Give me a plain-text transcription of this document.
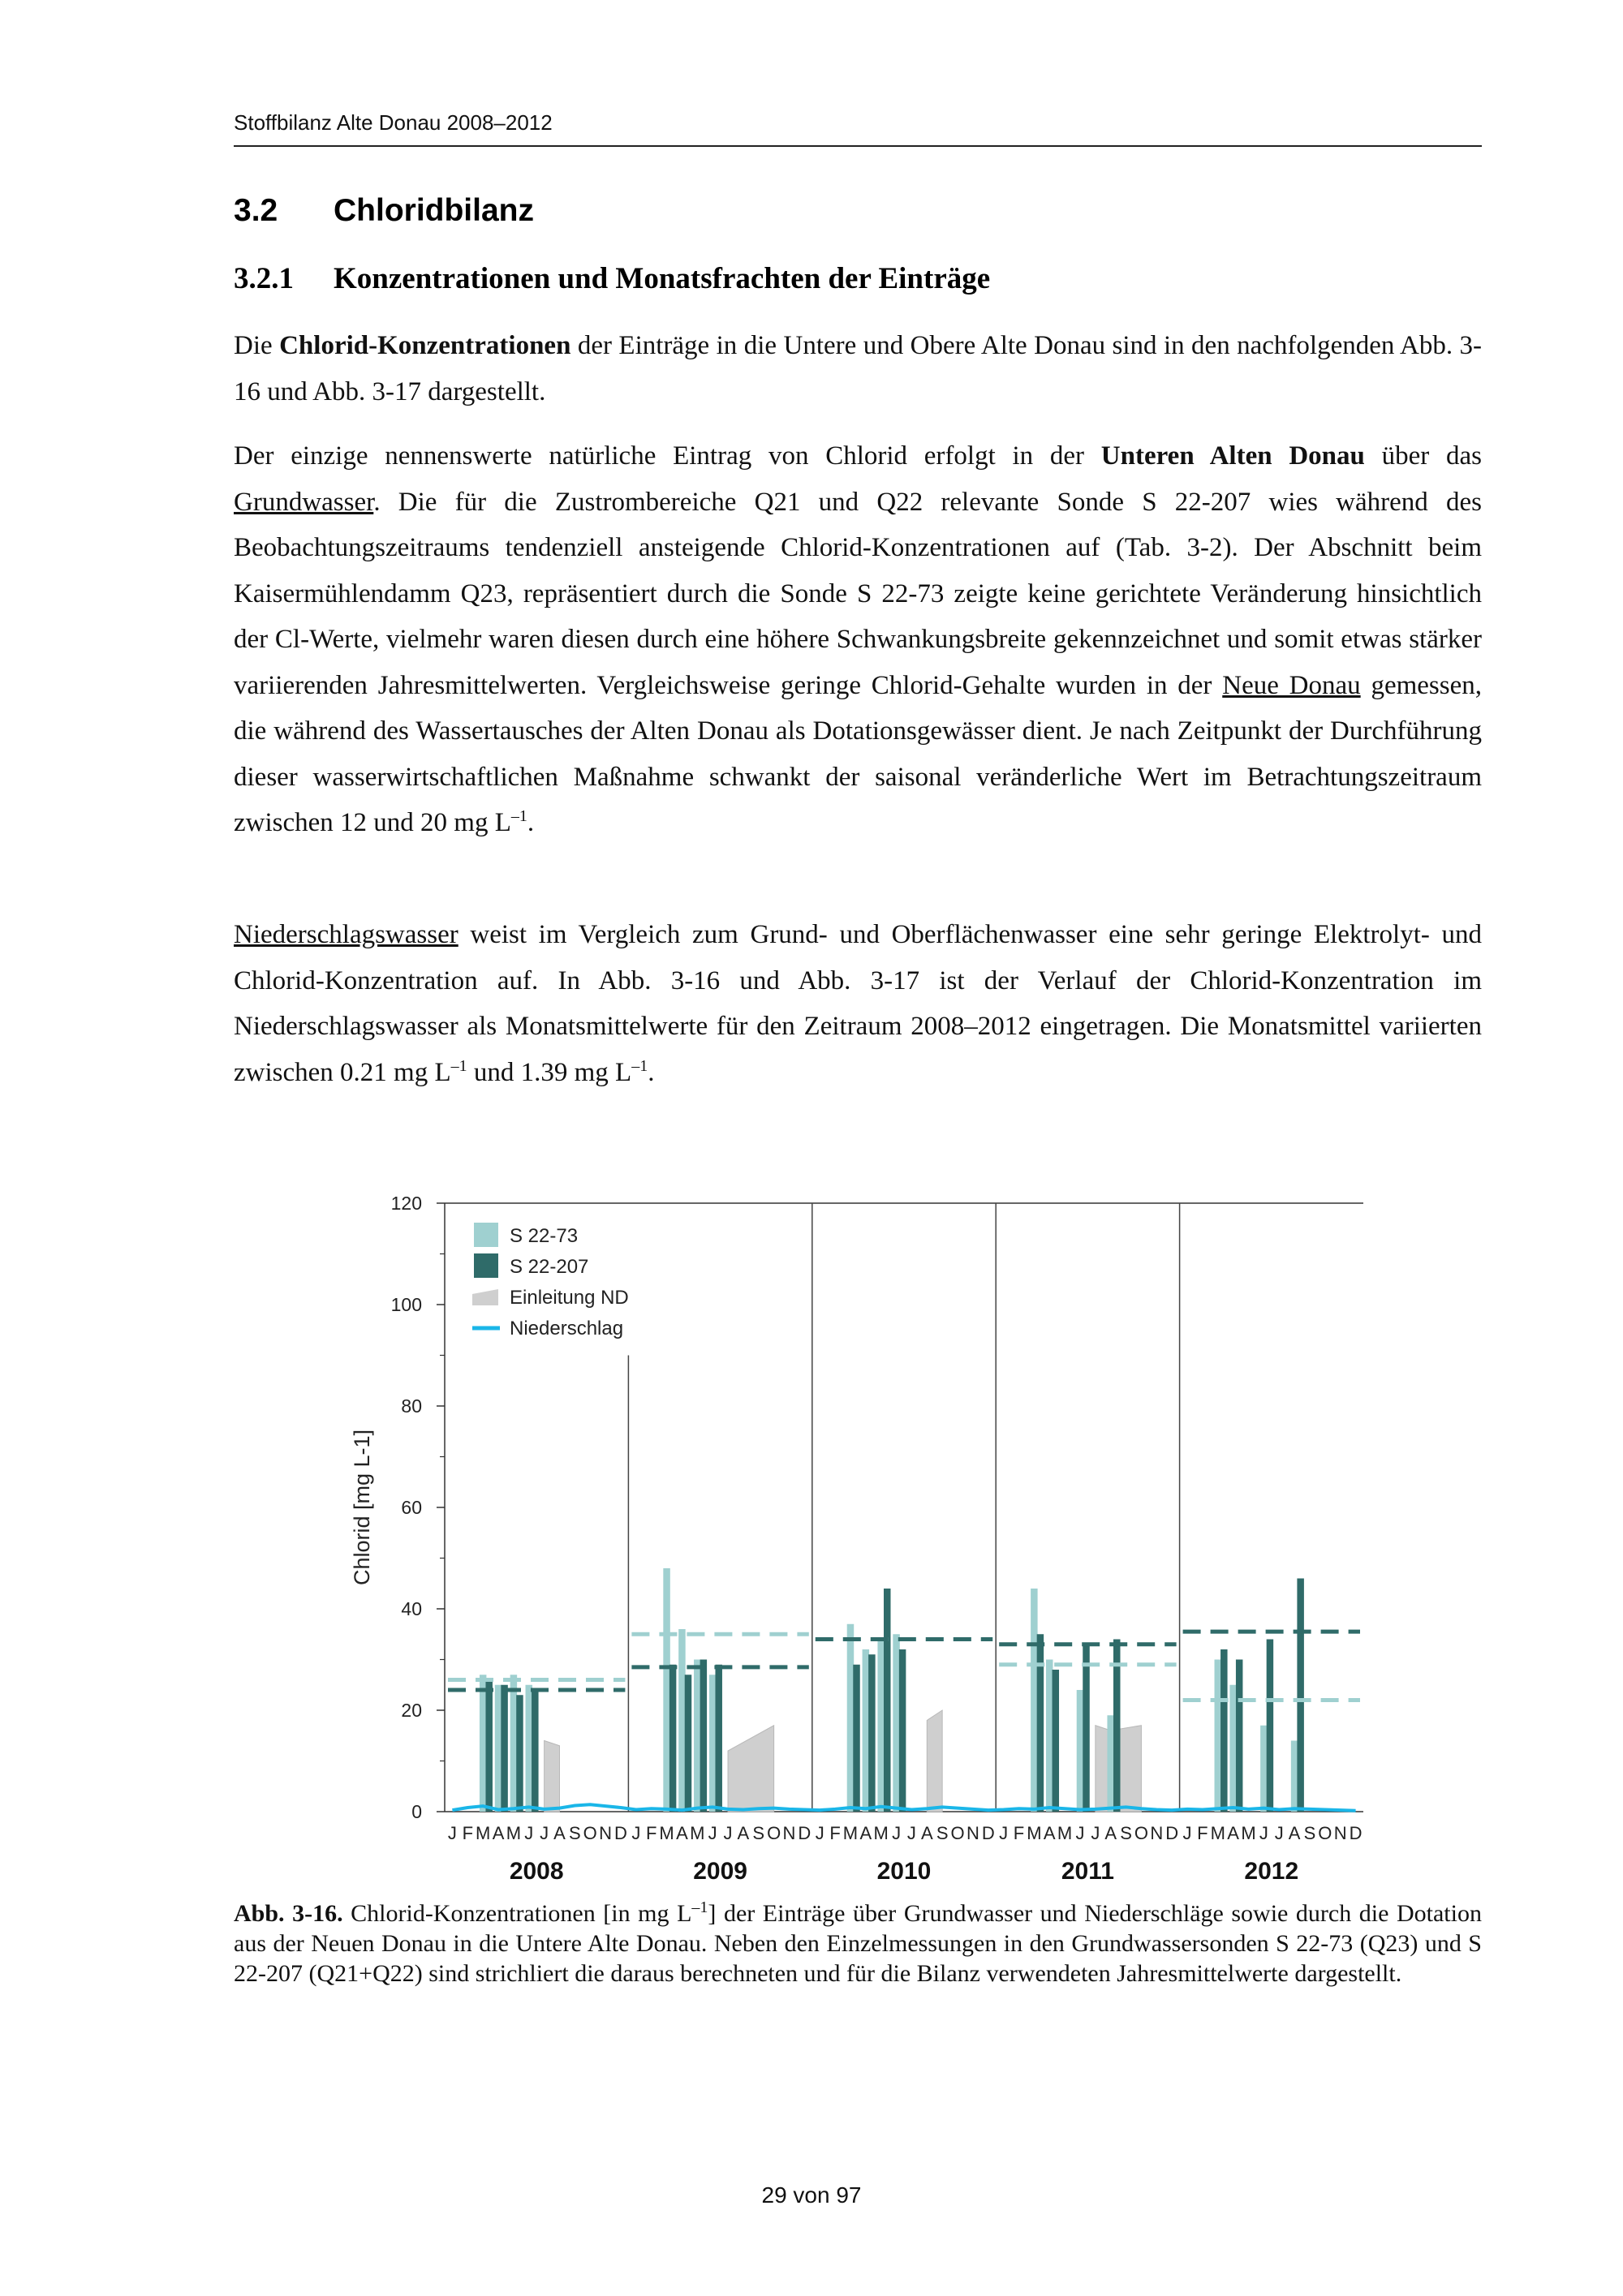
Stoffbilanz Alte Donau 2008–2012
3.2 Chloridbilanz
3.2.1 Konzentrationen und Monatsfrachten der Einträge
Die Chlorid-Konzentrationen der Einträge in die Untere und Obere Alte Donau sind in den nachfolgenden Abb. 3-16 und Abb. 3-17 dargestellt.
Der einzige nennenswerte natürliche Eintrag von Chlorid erfolgt in der Unteren Alten Donau über das Grundwasser. Die für die Zustrombereiche Q21 und Q22 relevante Sonde S 22-207 wies während des Beobachtungszeitraums tendenziell ansteigende Chlorid-Konzentrationen auf (Tab. 3-2). Der Abschnitt beim Kaisermühlendamm Q23, repräsentiert durch die Sonde S 22-73 zeigte keine gerichtete Veränderung hinsichtlich der Cl-Werte, vielmehr waren diesen durch eine höhere Schwankungsbreite gekennzeichnet und somit etwas stärker variierenden Jahresmittelwerten. Vergleichsweise geringe Chlorid-Gehalte wurden in der Neue Donau gemessen, die während des Wassertausches der Alten Donau als Dotationsgewässer dient. Je nach Zeitpunkt der Durchführung dieser wasserwirtschaftlichen Maßnahme schwankt der saisonal veränderliche Wert im Betrachtungszeitraum zwischen 12 und 20 mg $L^{-1}$.
Niederschlagswasser weist im Vergleich zum Grund- und Oberflächenwasser eine sehr geringe Elektrolyt- und Chlorid-Konzentration auf. In Abb. 3-16 und Abb. 3-17 ist der Verlauf der Chlorid-Konzentration im Niederschlagswasser als Monatsmittelwerte für den Zeitraum 2008–2012 eingetragen. Die Monatsmittel variierten zwischen 0.21 mg $L^{-1}$ und 1.39 mg $L^{-1}$.
0
20
40
60
80
100
120
Chlorid [mg L-1]
J F M A M J J A S O N D
2008
J F M A M J J A S O N D
2009
J F M A M J J A S O N D
2010
J F M A M J J A S O N D
2011
J F M A M J J A S O N D
2012
S 22-73
S 22-207
Einleitung ND
Niederschlag
Abb. 3-16. Chlorid-Konzentrationen [in mg $L^{-1}$] der Einträge über Grundwasser und Niederschläge sowie durch die Dotation aus der Neuen Donau in die Untere Alte Donau. Neben den Einzelmessungen in den Grundwassersonden S 22-73 (Q23) und S 22-207 (Q21+Q22) sind strichliert die daraus berechneten und für die Bilanz verwendeten Jahresmittelwerte dargestellt.
29 von 97
